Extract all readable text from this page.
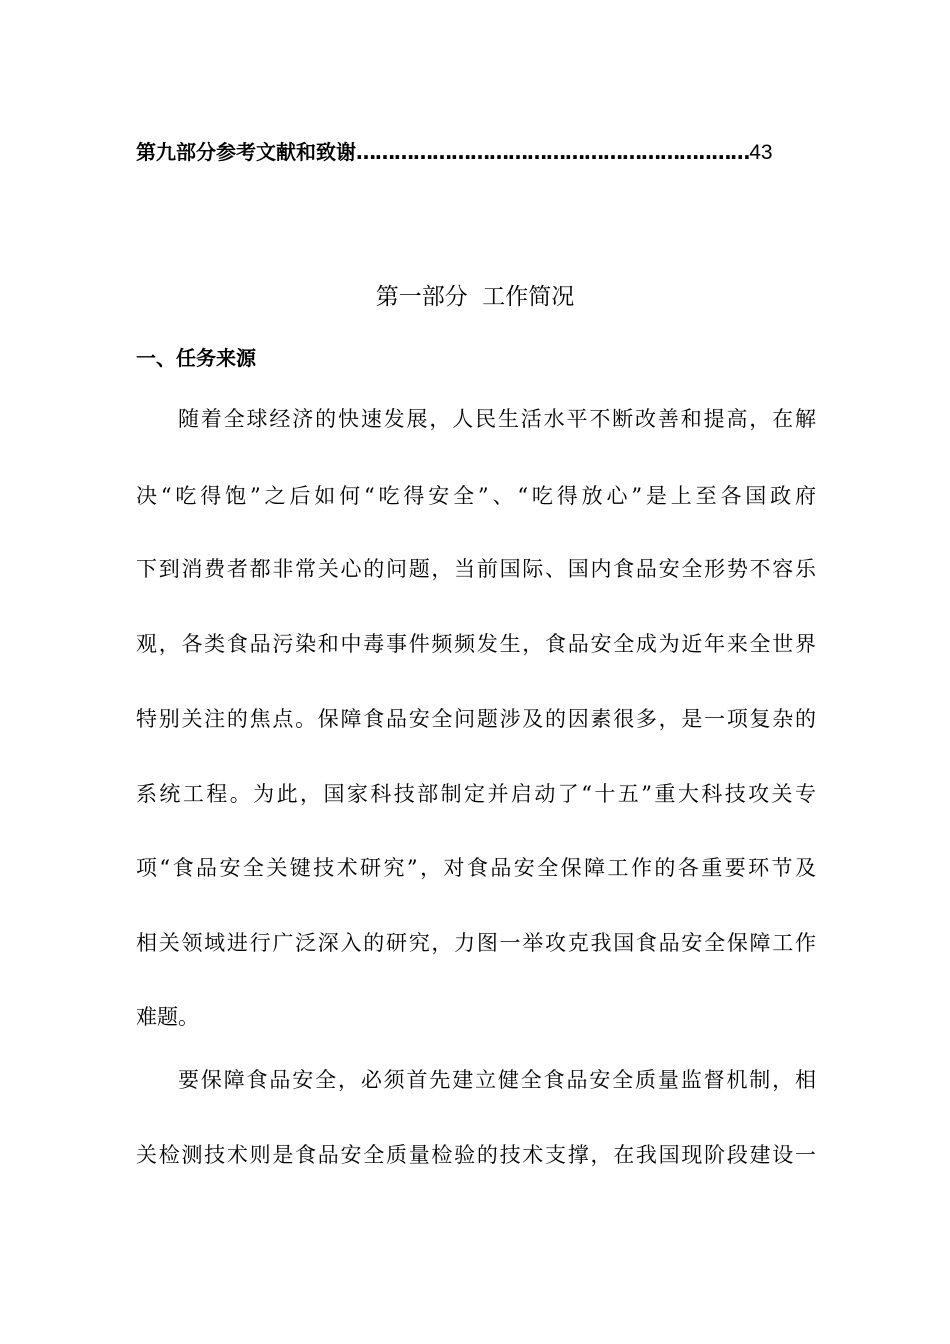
第九部分参考文献和致谢 ………………………………………………..…… 43
第一部分  工作简况
一、任务来源
随着全球经济的快速发展，人民生活水平不断改善和提高，在解
决“吃得饱”之后如何“吃得安全”、“吃得放心”是上至各国政府
下到消费者都非常关心的问题，当前国际、国内食品安全形势不容乐
观，各类食品污染和中毒事件频频发生，食品安全成为近年来全世界
特别关注的焦点。保障食品安全问题涉及的因素很多，是一项复杂的
系统工程。为此，国家科技部制定并启动了“十五”重大科技攻关专
项“食品安全关键技术研究”，对食品安全保障工作的各重要环节及
相关领域进行广泛深入的研究，力图一举攻克我国食品安全保障工作
难题。
要保障食品安全，必须首先建立健全食品安全质量监督机制，相
关检测技术则是食品安全质量检验的技术支撑，在我国现阶段建设一
